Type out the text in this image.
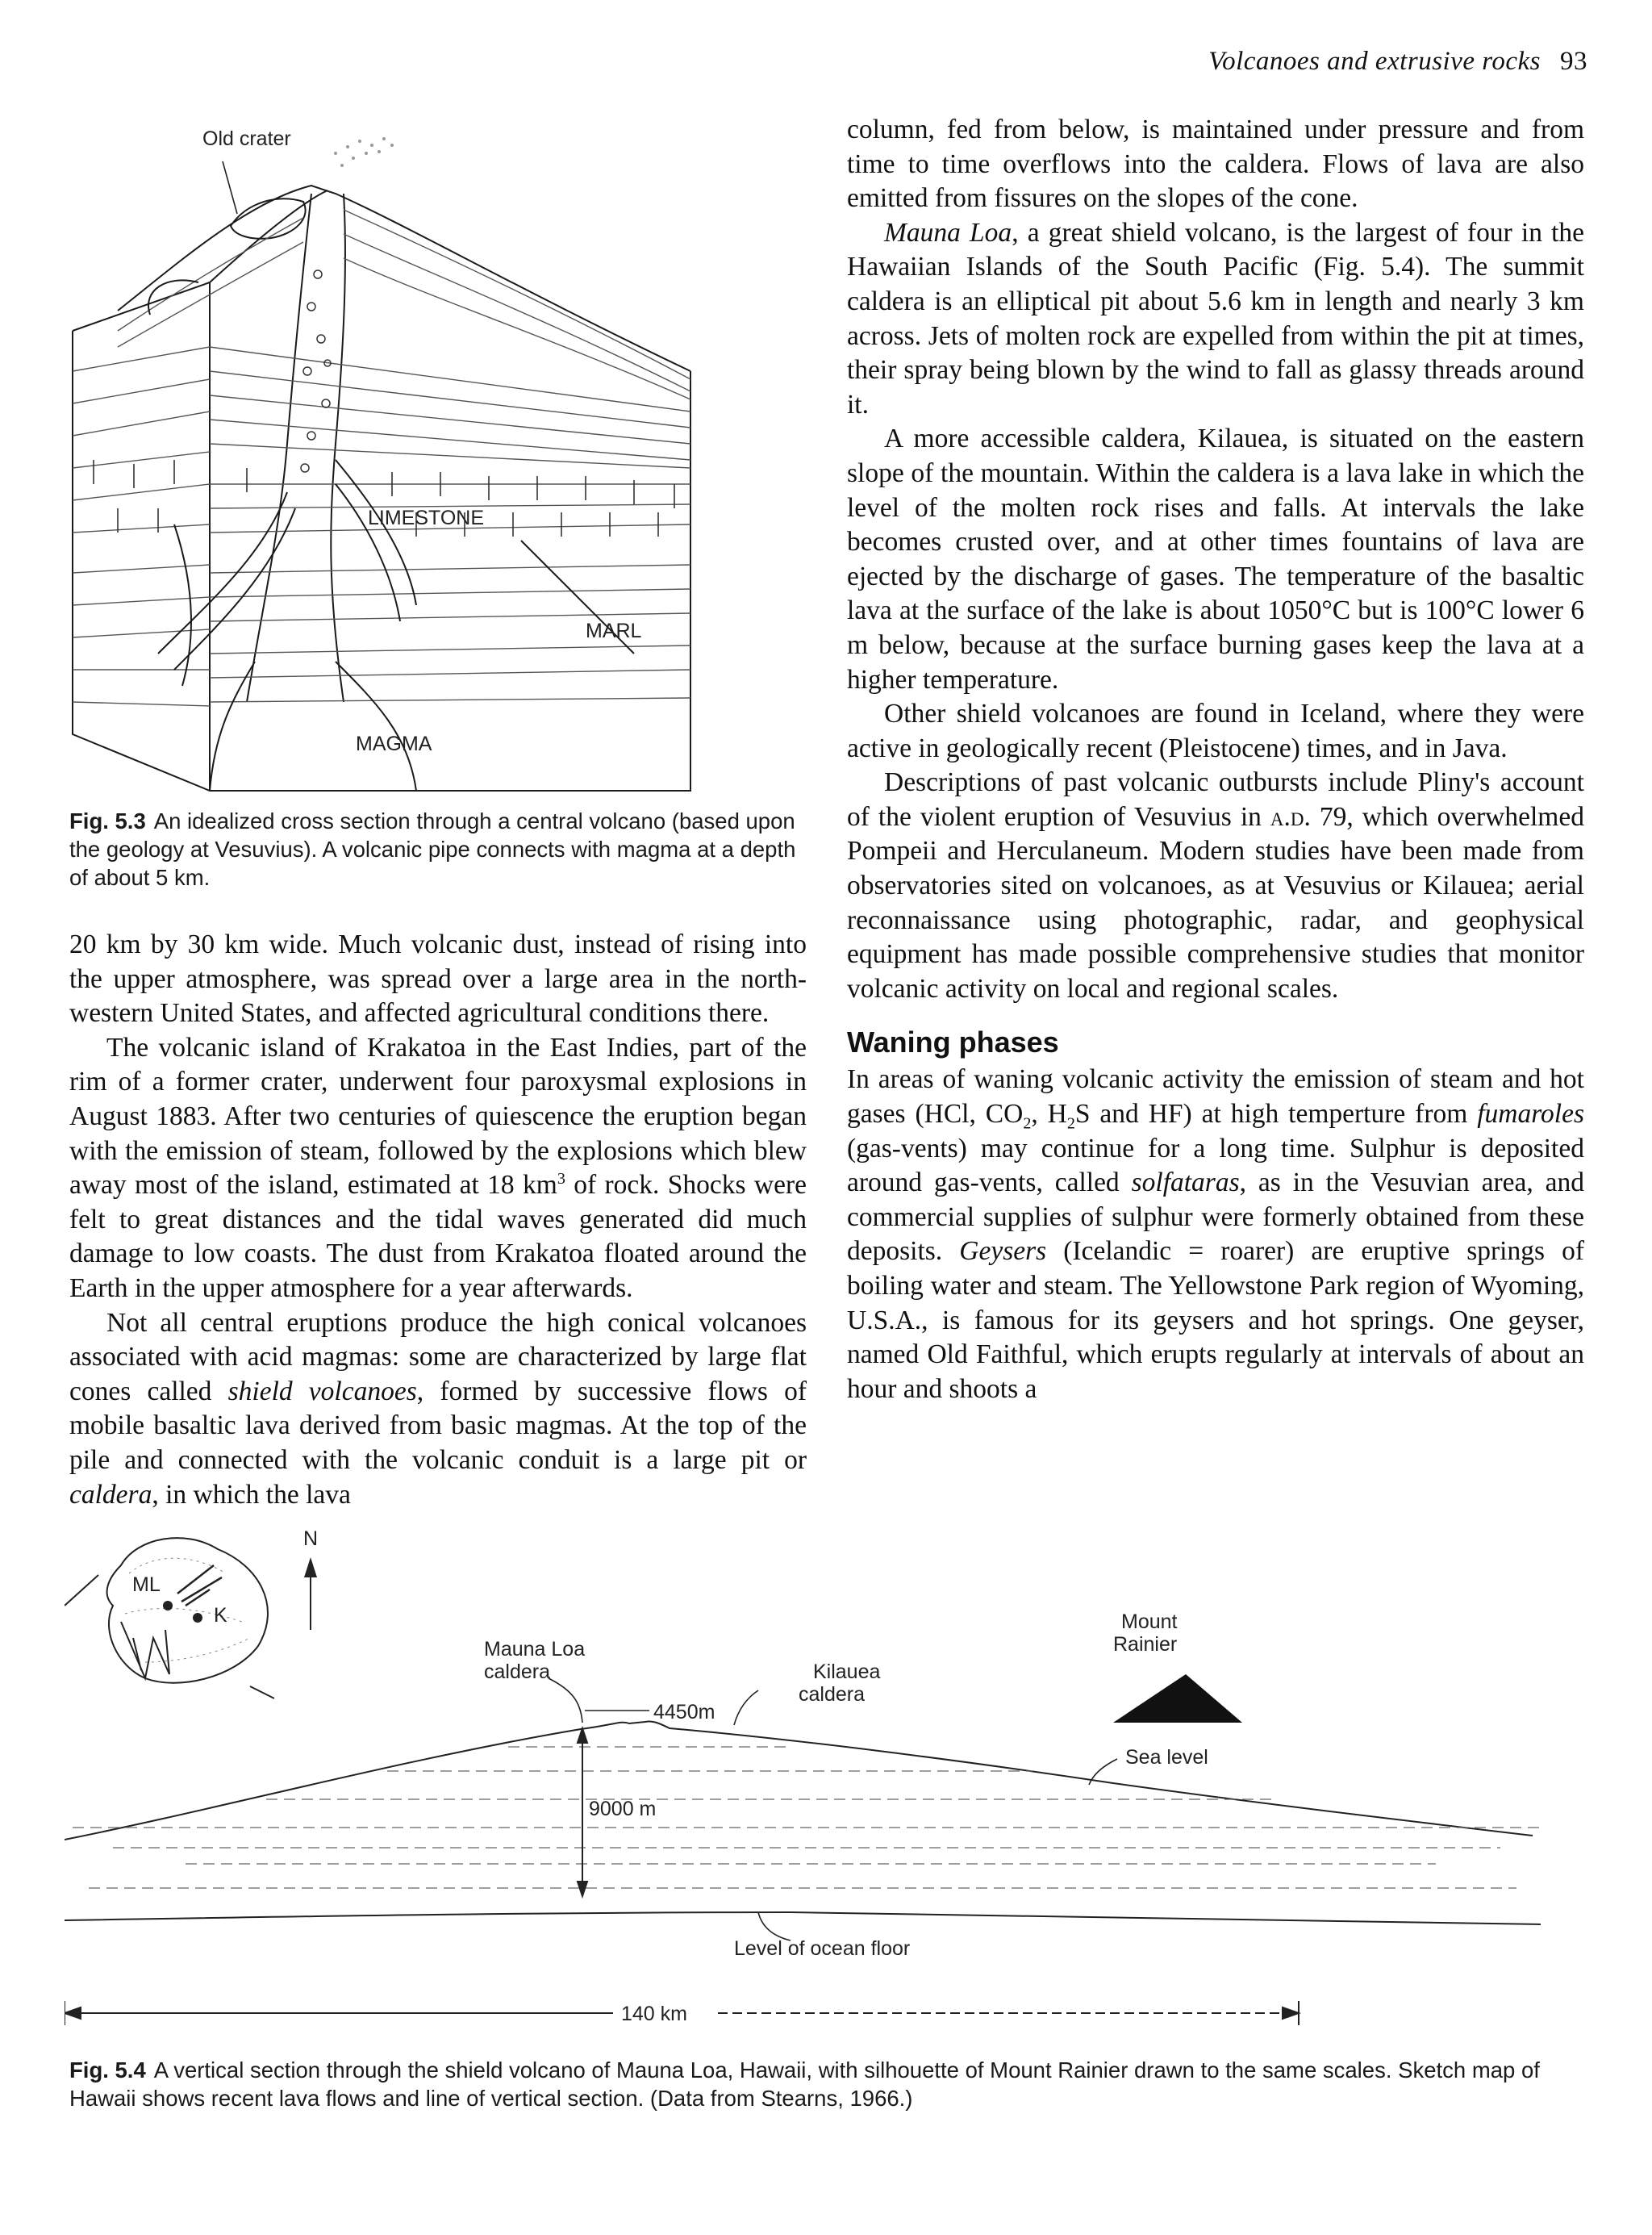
Volcanoes and extrusive rocks 93
Old crater
LIMESTONE
MARL
MAGMA
Fig. 5.3 An idealized cross section through a central volcano (based upon the geology at Vesuvius). A volcanic pipe connects with magma at a depth of about 5 km.

20 km by 30 km wide. Much volcanic dust, instead of rising into the upper atmosphere, was spread over a large area in the north-western United States, and affected agricultural conditions there.

The volcanic island of Krakatoa in the East Indies, part of the rim of a former crater, underwent four paroxysmal explosions in August 1883. After two centuries of quiescence the eruption began with the emission of steam, followed by the explosions which blew away most of the island, estimated at 18 $km^3$ of rock. Shocks were felt to great distances and the tidal waves generated did much damage to low coasts. The dust from Krakatoa floated around the Earth in the upper atmosphere for a year afterwards.

Not all central eruptions produce the high conical volcanoes associated with acid magmas: some are characterized by large flat cones called shield volcanoes, formed by successive flows of mobile basaltic lava derived from basic magmas. At the top of the pile and connected with the volcanic conduit is a large pit or caldera, in which the lava

column, fed from below, is maintained under pressure and from time to time overflows into the caldera. Flows of lava are also emitted from fissures on the slopes of the cone.

Mauna Loa, a great shield volcano, is the largest of four in the Hawaiian Islands of the South Pacific (Fig. 5.4). The summit caldera is an elliptical pit about 5.6 km in length and nearly 3 km across. Jets of molten rock are expelled from within the pit at times, their spray being blown by the wind to fall as glassy threads around it.

A more accessible caldera, Kilauea, is situated on the eastern slope of the mountain. Within the caldera is a lava lake in which the level of the molten rock rises and falls. At intervals the lake becomes crusted over, and at other times fountains of lava are ejected by the discharge of gases. The temperature of the basaltic lava at the surface of the lake is about 1050°C but is 100°C lower 6 m below, because at the surface burning gases keep the lava at a higher temperature.

Other shield volcanoes are found in Iceland, where they were active in geologically recent (Pleistocene) times, and in Java.

Descriptions of past volcanic outbursts include Pliny's account of the violent eruption of Vesuvius in a.d. 79, which overwhelmed Pompeii and Herculaneum. Modern studies have been made from observatories sited on volcanoes, as at Vesuvius or Kilauea; aerial reconnaissance using photographic, radar, and geophysical equipment has made possible comprehensive studies that monitor volcanic activity on local and regional scales.

Waning phases

In areas of waning volcanic activity the emission of steam and hot gases (HCl, $CO_2$, $H_2S$ and HF) at high temperture from fumaroles (gas-vents) may continue for a long time. Sulphur is deposited around gas-vents, called solfataras, as in the Vesuvian area, and commercial supplies of sulphur were formerly obtained from these deposits. Geysers (Icelandic = roarer) are eruptive springs of boiling water and steam. The Yellowstone Park region of Wyoming, U.S.A., is famous for its geysers and hot springs. One geyser, named Old Faithful, which erupts regularly at intervals of about an hour and shoots a

ML
K
N
Mauna Loa
caldera
4450m
Kilauea
caldera
Mount
Rainier
Sea level
9000 m
Level of ocean floor
140 km
Fig. 5.4 A vertical section through the shield volcano of Mauna Loa, Hawaii, with silhouette of Mount Rainier drawn to the same scales. Sketch map of Hawaii shows recent lava flows and line of vertical section. (Data from Stearns, 1966.)
